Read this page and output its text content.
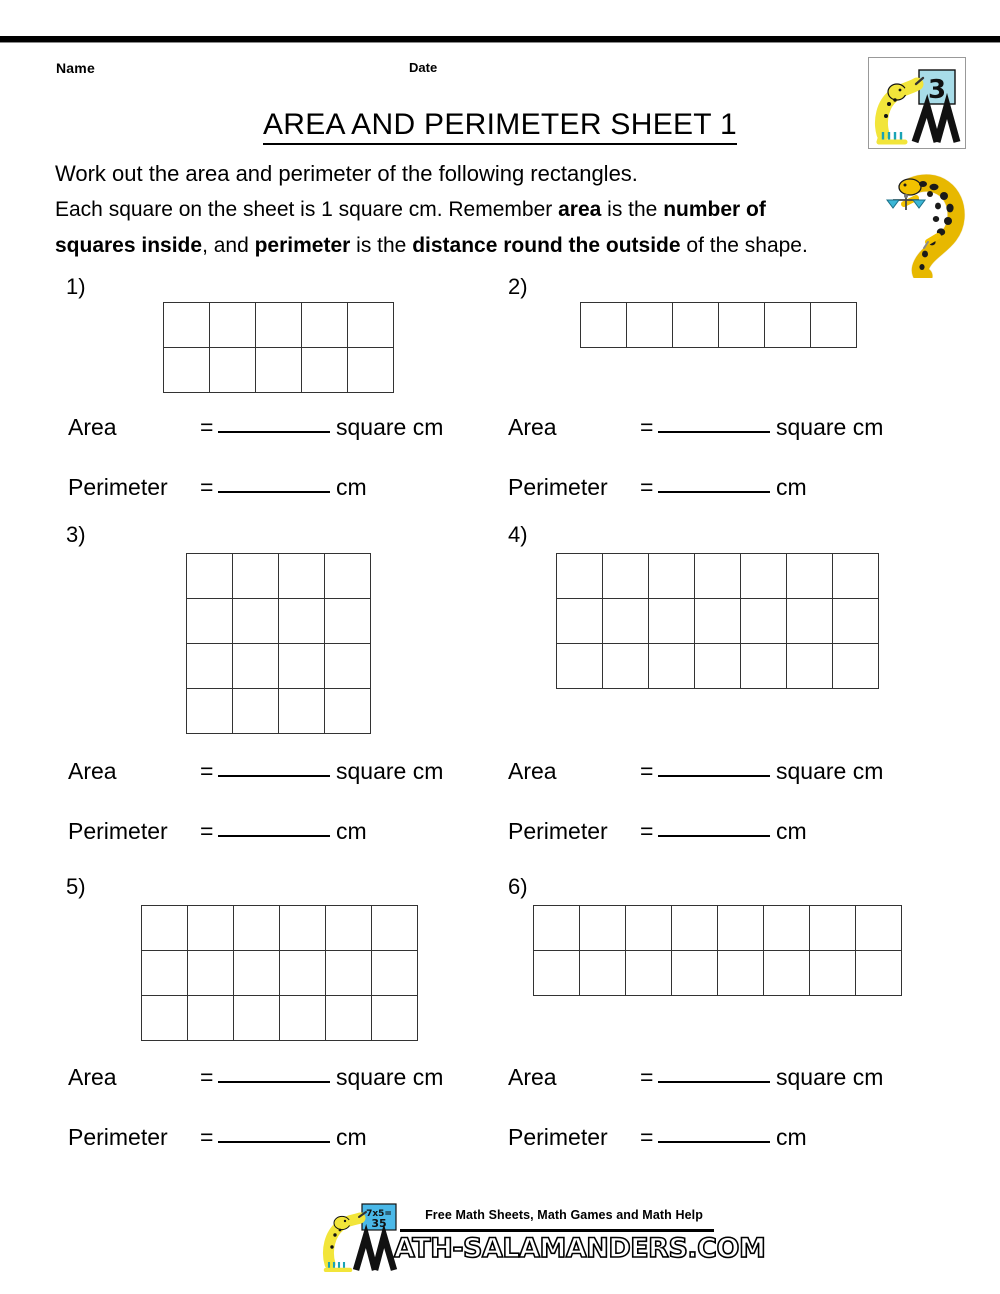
Name	Date
3
AREA AND PERIMETER SHEET 1
Work out the area and perimeter of the following rectangles.
Each square on the sheet is 1 square cm. Remember area is the number of
squares inside, and perimeter is the distance round the outside of the shape.
1)
Area	=	square cm
Perimeter =	cm
2)
Area	=	square cm
Perimeter =	cm
3)
Area	=	square cm
Perimeter =	cm
4)
Area	=	square cm
Perimeter =	cm
5)
Area	=	square cm
Perimeter =	cm
6)
Area	=	square cm
Perimeter =	cm
7x5=
35
Free Math Sheets, Math Games and Math Help
ATH-SALAMANDERS.COM
